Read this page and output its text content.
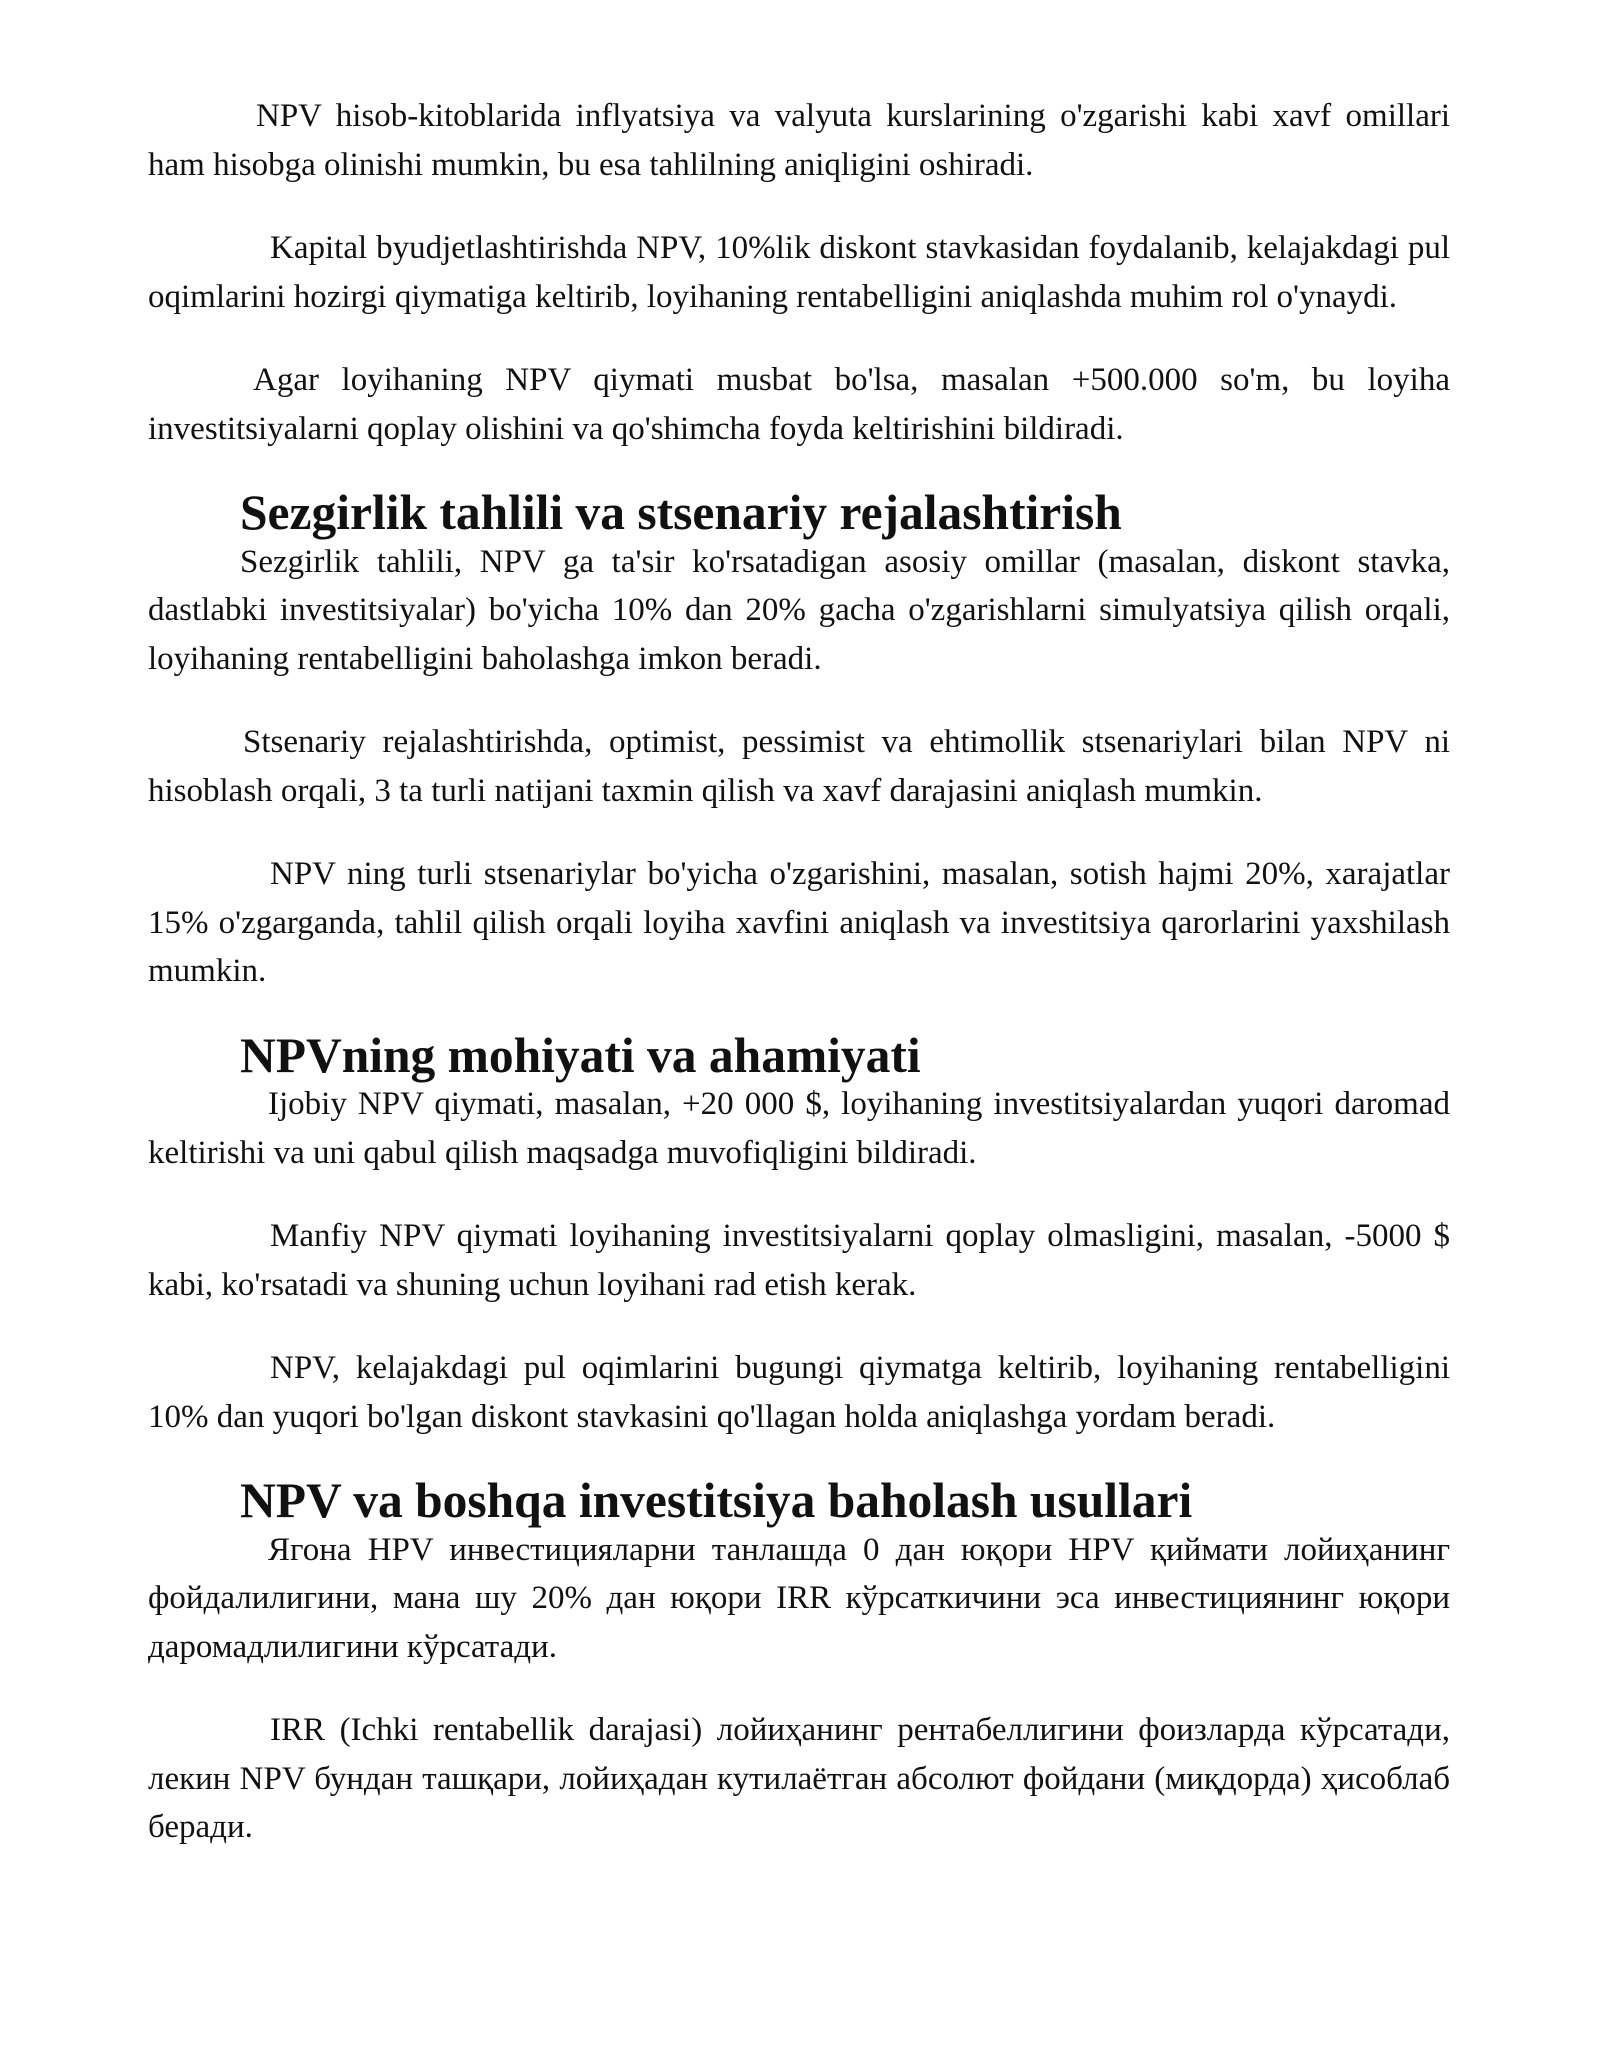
NPV hisob-kitoblarida inflyatsiya va valyuta kurslarining o'zgarishi kabi xavf omillari ham hisobga olinishi mumkin, bu esa tahlilning aniqligini oshiradi.

Kapital byudjetlashtirishda NPV, 10%lik diskont stavkasidan foydalanib, kelajakdagi pul oqimlarini hozirgi qiymatiga keltirib, loyihaning rentabelligini aniqlashda muhim rol o'ynaydi.

Agar loyihaning NPV qiymati musbat bo'lsa, masalan +500.000 so'm, bu loyiha investitsiyalarni qoplay olishini va qo'shimcha foyda keltirishini bildiradi.

Sezgirlik tahlili va stsenariy rejalashtirish

Sezgirlik tahlili, NPV ga ta'sir ko'rsatadigan asosiy omillar (masalan, diskont stavka, dastlabki investitsiyalar) bo'yicha 10% dan 20% gacha o'zgarishlarni simulyatsiya qilish orqali, loyihaning rentabelligini baholashga imkon beradi.

Stsenariy rejalashtirishda, optimist, pessimist va ehtimollik stsenariylari bilan NPV ni hisoblash orqali, 3 ta turli natijani taxmin qilish va xavf darajasini aniqlash mumkin.

NPV ning turli stsenariylar bo'yicha o'zgarishini, masalan, sotish hajmi 20%, xarajatlar 15% o'zgarganda, tahlil qilish orqali loyiha xavfini aniqlash va investitsiya qarorlarini yaxshilash mumkin.

NPVning mohiyati va ahamiyati

Ijobiy NPV qiymati, masalan, +20 000 $, loyihaning investitsiyalardan yuqori daromad keltirishi va uni qabul qilish maqsadga muvofiqligini bildiradi.

Manfiy NPV qiymati loyihaning investitsiyalarni qoplay olmasligini, masalan, -5000 $ kabi, ko'rsatadi va shuning uchun loyihani rad etish kerak.

NPV, kelajakdagi pul oqimlarini bugungi qiymatga keltirib, loyihaning rentabelligini 10% dan yuqori bo'lgan diskont stavkasini qo'llagan holda aniqlashga yordam beradi.

NPV va boshqa investitsiya baholash usullari

Ягона НPV инвестицияларни танлашда 0 дан юқори НPV қиймати лойиҳанинг фойдалилигини, мана шу 20% дан юқори IRR кўрсаткичини эса инвестициянинг юқори даромадлилигини кўрсатади.

IRR (Ichki rentabellik darajasi) лойиҳанинг рентабеллигини фоизларда кўрсатади, лекин NPV бундан ташқари, лойиҳадан кутилаётган абсолют фойдани (миқдорда) ҳисоблаб беради.
